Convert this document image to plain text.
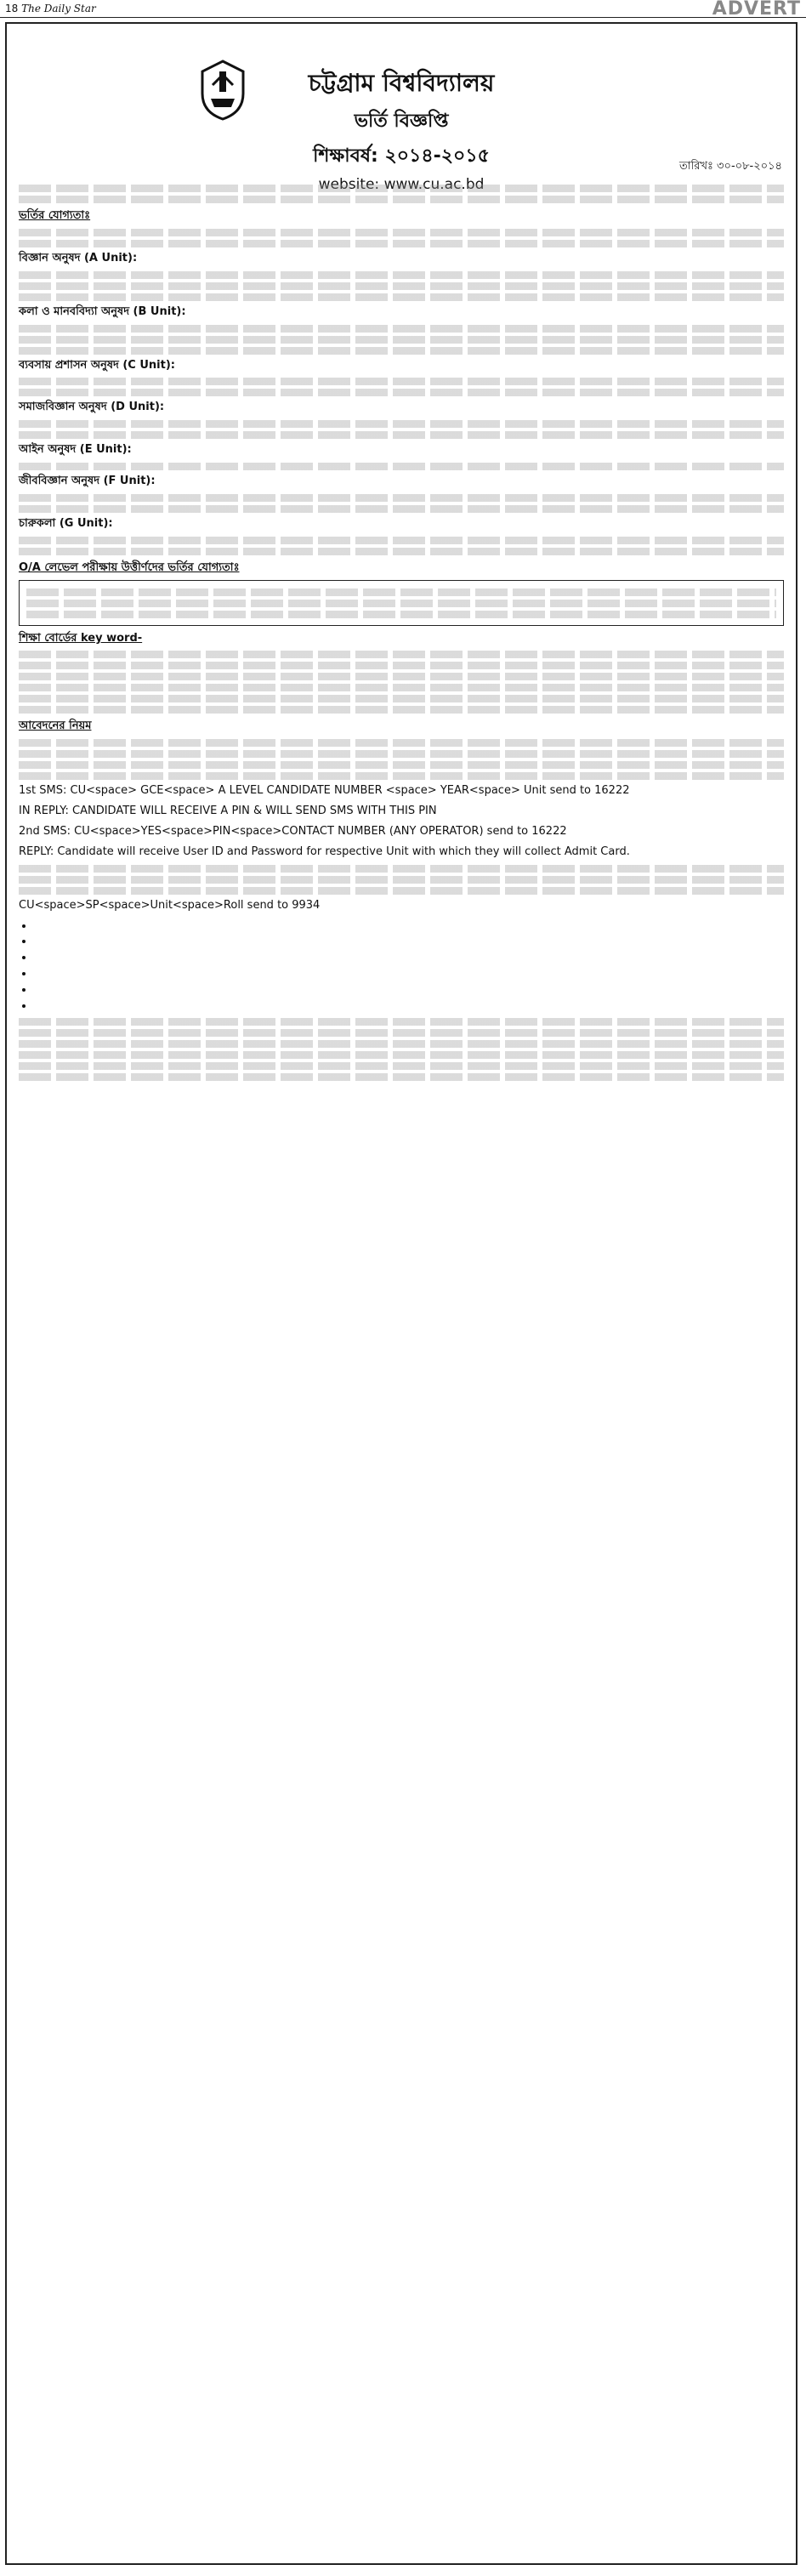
18 The Daily Star	ADVERT
চট্টগ্রাম বিশ্ববিদ্যালয়
ভর্তি বিজ্ঞপ্তি
শিক্ষাবর্ষ: ২০১৪-২০১৫
website: www.cu.ac.bd
তারিখঃ ৩০-০৮-২০১৪

ভর্তির যোগ্যতাঃ

বিজ্ঞান অনুষদ (A Unit):

কলা ও মানববিদ্যা অনুষদ (B Unit):

ব্যবসায় প্রশাসন অনুষদ (C Unit):

সমাজবিজ্ঞান অনুষদ (D Unit):

আইন অনুষদ (E Unit):

জীববিজ্ঞান অনুষদ (F Unit):

চারুকলা (G Unit):

O/A লেভেল পরীক্ষায় উত্তীর্ণদের ভর্তির যোগ্যতাঃ

শিক্ষা বোর্ডের key word-

আবেদনের নিয়ম

1st SMS: CU<space> GCE<space> A LEVEL CANDIDATE NUMBER <space> YEAR<space> Unit send to 16222

IN REPLY: CANDIDATE WILL RECEIVE A PIN & WILL SEND SMS WITH THIS PIN

2nd SMS: CU<space>YES<space>PIN<space>CONTACT NUMBER (ANY OPERATOR) send to 16222

REPLY: Candidate will receive User ID and Password for respective Unit with which they will collect Admit Card.

CU<space>SP<space>Unit<space>Roll send to 9934

•
•
•
•
•
•
